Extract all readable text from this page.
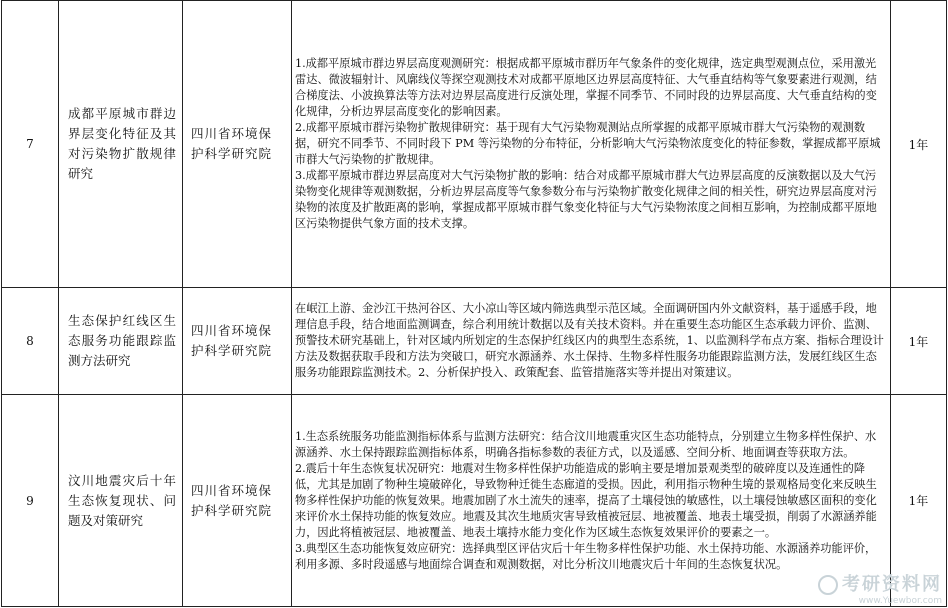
7	成都平原城市群边界层变化特征及其对污染物扩散规律研究	四川省环境保护科学研究院	1.成都平原城市群边界层高度观测研究：根据成都平原城市群历年气象条件的变化规律，选定典型观测点位，采用激光雷达、微波辐射计、风廓线仪等探空观测技术对成都平原地区边界层高度特征、大气垂直结构等气象要素进行观测，结合梯度法、小波换算法等方法对边界层高度进行反演处理，掌握不同季节、不同时段的边界层高度、大气垂直结构的变化规律，分析边界层高度变化的影响因素。

2.成都平原城市群污染物扩散规律研究：基于现有大气污染物观测站点所掌握的成都平原城市群大气污染物的观测数据，研究不同季节、不同时段下 PM 等污染物的分布特征，分析影响大气污染物浓度变化的特征参数，掌握成都平原城市群大气污染物的扩散规律。

3.成都平原城市群边界层高度对大气污染物扩散的影响：结合对成都平原城市群大气边界层高度的反演数据以及大气污染物变化规律等观测数据，分析边界层高度等气象参数分布与污染物扩散变化规律之间的相关性，研究边界层高度对污染物的浓度及扩散距离的影响，掌握成都平原城市群气象变化特征与大气污染物浓度之间相互影响，为控制成都平原地区污染物提供气象方面的技术支撑。	1年
8	生态保护红线区生态服务功能跟踪监测方法研究	四川省环境保护科学研究院	在岷江上游、金沙江干热河谷区、大小凉山等区域内筛选典型示范区域。全面调研国内外文献资料，基于遥感手段，地理信息手段，结合地面监测调查，综合利用统计数据以及有关技术资料。并在重要生态功能区生态承载力评价、监测、预警技术研究基础上，针对区域内所划定的生态保护红线区内的典型生态系统，1、以监测科学布点方案、指标合理设计方法及数据获取手段和方法为突破口，研究水源涵养、水土保持、生物多样性服务功能跟踪监测方法，发展红线区生态服务功能跟踪监测技术。2、分析保护投入、政策配套、监管措施落实等并提出对策建议。	1年
9	汶川地震灾后十年生态恢复现状、问题及对策研究	四川省环境保护科学研究院	1.生态系统服务功能监测指标体系与监测方法研究：结合汶川地震重灾区生态功能特点，分别建立生物多样性保护、水源涵养、水土保持跟踪监测指标体系，明确各指标参数的表征方式，以及遥感、空间分析、地面调查等获取方法。

2.震后十年生态恢复状况研究：地震对生物多样性保护功能造成的影响主要是增加景观类型的破碎度以及连通性的降低，尤其是加剧了物种生境破碎化，导致物种迁徙生态廊道的受损。因此，利用指示物种生境的景观格局变化来反映生物多样性保护功能的恢复效果。地震加剧了水土流失的速率，提高了土壤侵蚀的敏感性，以土壤侵蚀敏感区面积的变化来评价水土保持功能的恢复效应。地震及其次生地质灾害导致植被冠层、地被覆盖、地表土壤受损，削弱了水源涵养能力，因此将植被冠层、地被覆盖、地表土壤持水能力变化作为区域生态恢复效果评价的要素之一。

3.典型区生态功能恢复效应研究：选择典型区评估灾后十年生物多样性保护功能、水土保持功能、水源涵养功能评价，利用多源、多时段遥感与地面综合调查和观测数据，对比分析汶川地震灾后十年间的生态恢复状况。	1年
考研资料网
www.Yuewbor.com
